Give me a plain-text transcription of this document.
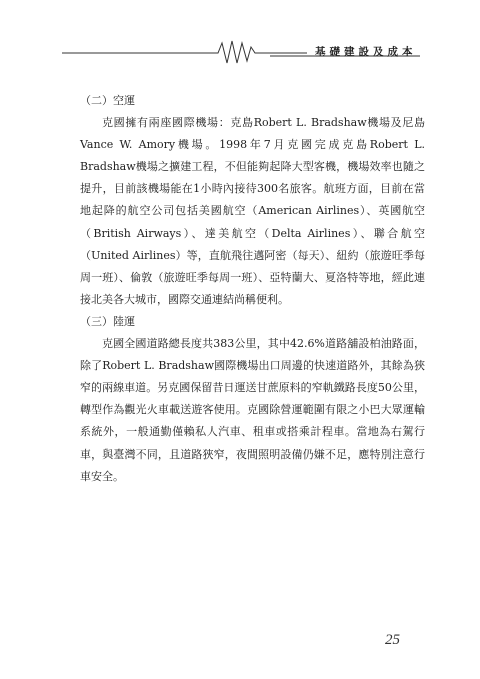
基礎建設及成本

（二）空運

克國擁有兩座國際機場：克島Robert L. Bradshaw機場及尼島Vance W. Amory機場。1998年7月克國完成克島Robert L. Bradshaw機場之擴建工程，不但能夠起降大型客機，機場效率也隨之提升，目前該機場能在1小時內接待300名旅客。航班方面，目前在當地起降的航空公司包括美國航空（American Airlines）、英國航空（British Airways）、達美航空（Delta Airlines）、聯合航空（United Airlines）等，直航飛往邁阿密（每天）、紐約（旅遊旺季每周一班）、倫敦（旅遊旺季每周一班）、亞特蘭大、夏洛特等地，經此連接北美各大城市，國際交通連結尚稱便利。

（三）陸運

克國全國道路總長度共383公里，其中42.6%道路舖設柏油路面，除了Robert L. Bradshaw國際機場出口周邊的快速道路外，其餘為狹窄的兩線車道。另克國保留昔日運送甘蔗原料的窄軌鐵路長度50公里，轉型作為觀光火車載送遊客使用。克國除營運範圍有限之小巴大眾運輸系統外，一般通勤僅賴私人汽車、租車或搭乘計程車。當地為右駕行車，與臺灣不同，且道路狹窄，夜間照明設備仍嫌不足，應特別注意行車安全。

25
